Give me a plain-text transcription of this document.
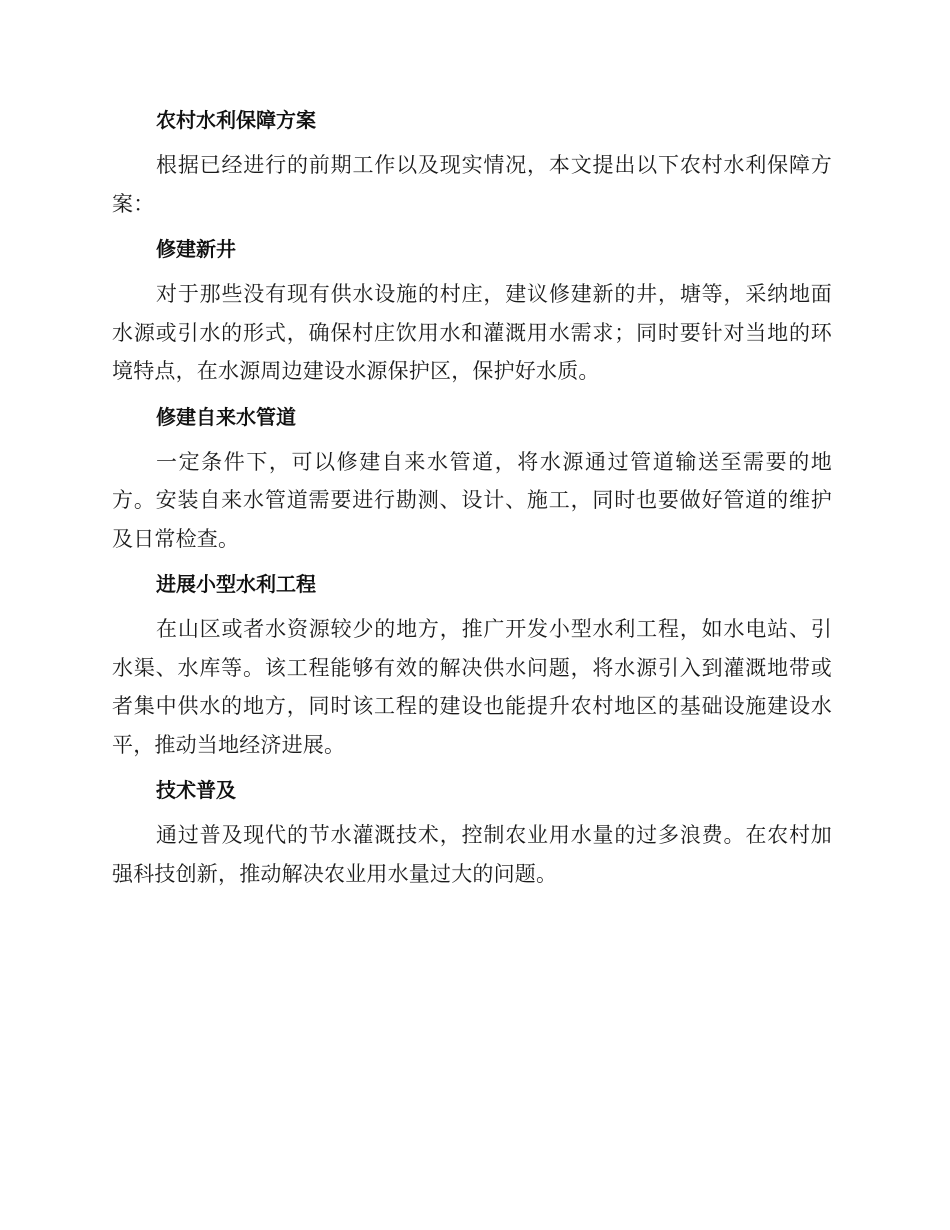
农村水利保障方案

根据已经进行的前期工作以及现实情况，本文提出以下农村水利保障方案：

修建新井

对于那些没有现有供水设施的村庄，建议修建新的井，塘等，采纳地面水源或引水的形式，确保村庄饮用水和灌溉用水需求；同时要针对当地的环境特点，在水源周边建设水源保护区，保护好水质。

修建自来水管道

一定条件下，可以修建自来水管道，将水源通过管道输送至需要的地方。安装自来水管道需要进行勘测、设计、施工，同时也要做好管道的维护及日常检查。

进展小型水利工程

在山区或者水资源较少的地方，推广开发小型水利工程，如水电站、引水渠、水库等。该工程能够有效的解决供水问题，将水源引入到灌溉地带或者集中供水的地方，同时该工程的建设也能提升农村地区的基础设施建设水平，推动当地经济进展。

技术普及

通过普及现代的节水灌溉技术，控制农业用水量的过多浪费。在农村加强科技创新，推动解决农业用水量过大的问题。
